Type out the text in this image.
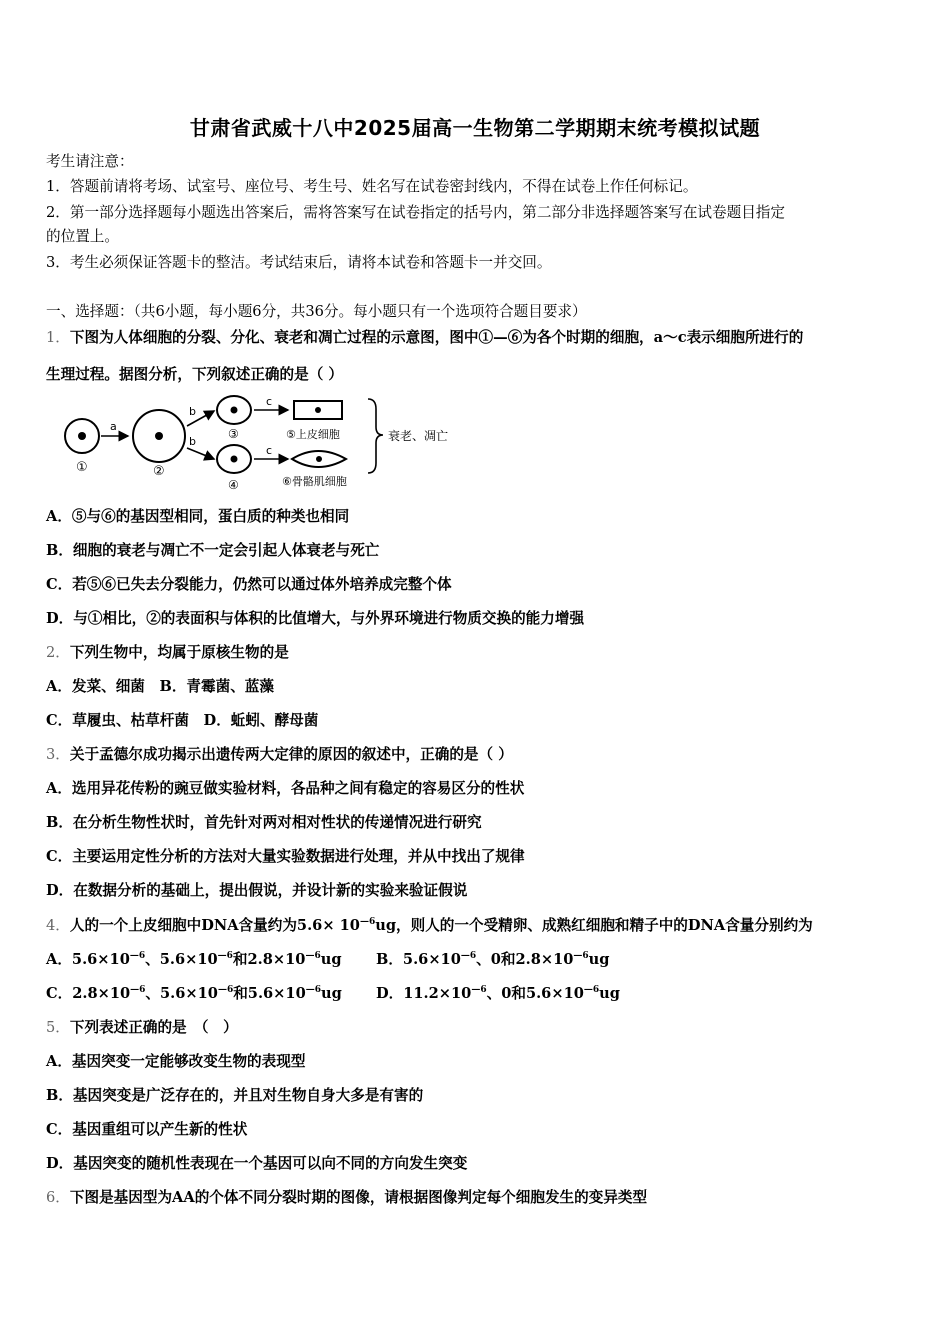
甘肃省武威十八中2025届高一生物第二学期期末统考模拟试题
考生请注意：
1．答题前请将考场、试室号、座位号、考生号、姓名写在试卷密封线内，不得在试卷上作任何标记。
2．第一部分选择题每小题选出答案后，需将答案写在试卷指定的括号内，第二部分非选择题答案写在试卷题目指定
的位置上。
3．考生必须保证答题卡的整洁。考试结束后，请将本试卷和答题卡一并交回。
一、选择题：（共6小题，每小题6分，共36分。每小题只有一个选项符合题目要求）
1．下图为人体细胞的分裂、分化、衰老和凋亡过程的示意图，图中①—⑥为各个时期的细胞，a～c表示细胞所进行的
生理过程。据图分析，下列叙述正确的是（ ）
①
a
②
b
b
③
④
c
c
⑤上皮细胞
⑥骨骼肌细胞
衰老、凋亡
A．⑤与⑥的基因型相同，蛋白质的种类也相同
B．细胞的衰老与凋亡不一定会引起人体衰老与死亡
C．若⑤⑥已失去分裂能力，仍然可以通过体外培养成完整个体
D．与①相比，②的表面积与体积的比值增大，与外界环境进行物质交换的能力增强
2．下列生物中，均属于原核生物的是
A．发菜、细菌　B．青霉菌、蓝藻
C．草履虫、枯草杆菌　D．蚯蚓、酵母菌
3．关于孟德尔成功揭示出遗传两大定律的原因的叙述中，正确的是（ ）
A．选用异花传粉的豌豆做实验材料，各品种之间有稳定的容易区分的性状
B．在分析生物性状时，首先针对两对相对性状的传递情况进行研究
C．主要运用定性分析的方法对大量实验数据进行处理，并从中找出了规律
D．在数据分析的基础上，提出假说，并设计新的实验来验证假说
4．人的一个上皮细胞中DNA含量约为$5.6\times 10^{—6}ug$，则人的一个受精卵、成熟红细胞和精子中的DNA含量分别约为
A．$5.6\times 10^{—6}$、$5.6\times 10^{—6}$和$2.8\times 10^{—6}ug$ B．$5.6\times 10^{—6}$、0和$2.8\times 10^{—6}ug$
C．$2.8\times 10^{—6}$、$5.6\times 10^{—6}$和$5.6\times 10^{—6}ug$ D．$11.2\times 10^{—6}$、0和$5.6\times 10^{—6}ug$
5．下列表述正确的是　（　）
A．基因突变一定能够改变生物的表现型
B．基因突变是广泛存在的，并且对生物自身大多是有害的
C．基因重组可以产生新的性状
D．基因突变的随机性表现在一个基因可以向不同的方向发生突变
6．下图是基因型为AA的个体不同分裂时期的图像，请根据图像判定每个细胞发生的变异类型
